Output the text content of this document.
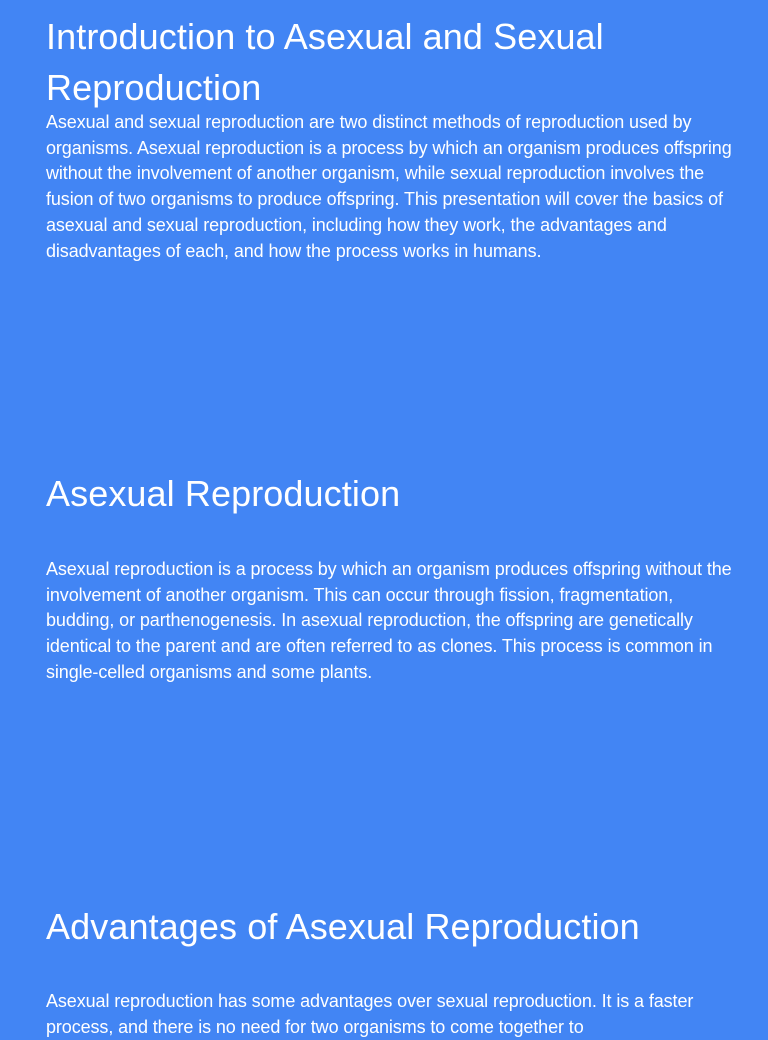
Introduction to Asexual and Sexual Reproduction

Asexual and sexual reproduction are two distinct methods of reproduction used by organisms. Asexual reproduction is a process by which an organism produces offspring without the involvement of another organism, while sexual reproduction involves the fusion of two organisms to produce offspring. This presentation will cover the basics of asexual and sexual reproduction, including how they work, the advantages and disadvantages of each, and how the process works in humans.

Asexual Reproduction

Asexual reproduction is a process by which an organism produces offspring without the involvement of another organism. This can occur through fission, fragmentation, budding, or parthenogenesis. In asexual reproduction, the offspring are genetically identical to the parent and are often referred to as clones. This process is common in single-celled organisms and some plants.

Advantages of Asexual Reproduction

Asexual reproduction has some advantages over sexual reproduction. It is a faster process, and there is no need for two organisms to come together to
